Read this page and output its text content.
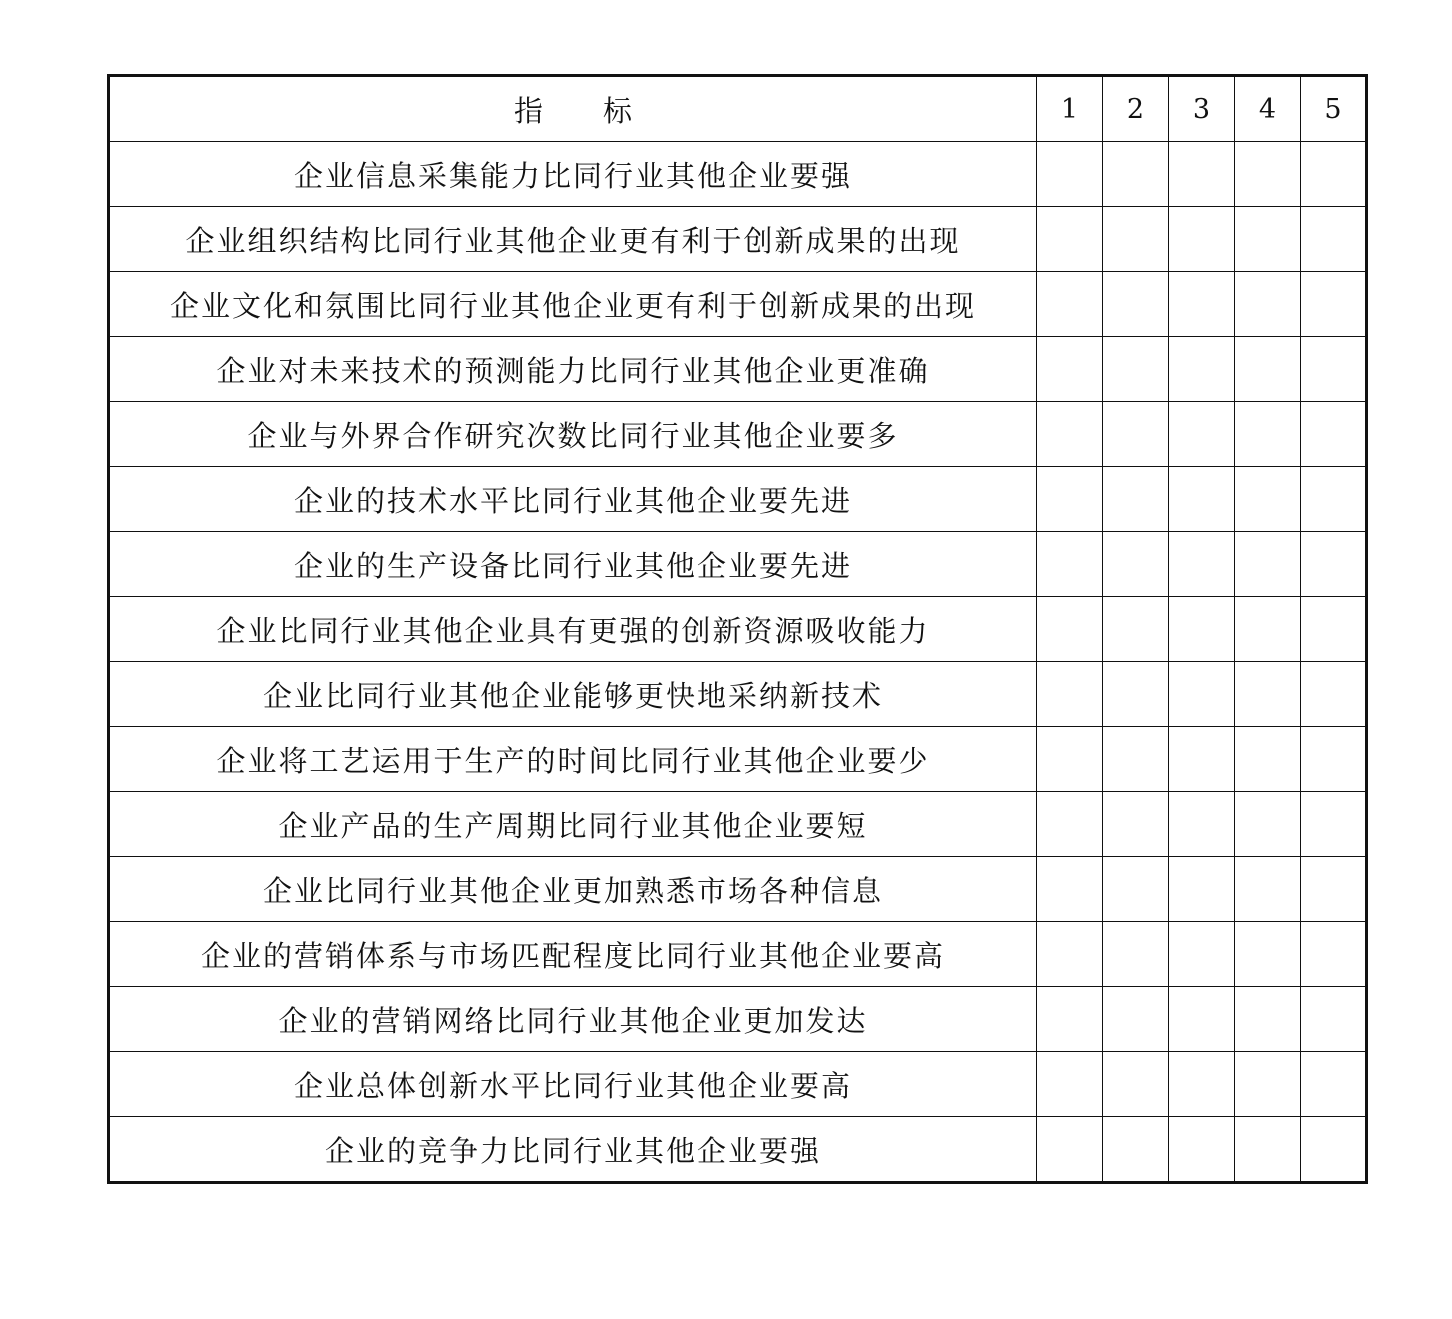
指标	1	2	3	4	5
企业信息采集能力比同行业其他企业要强					
企业组织结构比同行业其他企业更有利于创新成果的出现					
企业文化和氛围比同行业其他企业更有利于创新成果的出现					
企业对未来技术的预测能力比同行业其他企业更准确					
企业与外界合作研究次数比同行业其他企业要多					
企业的技术水平比同行业其他企业要先进					
企业的生产设备比同行业其他企业要先进					
企业比同行业其他企业具有更强的创新资源吸收能力					
企业比同行业其他企业能够更快地采纳新技术					
企业将工艺运用于生产的时间比同行业其他企业要少					
企业产品的生产周期比同行业其他企业要短					
企业比同行业其他企业更加熟悉市场各种信息					
企业的营销体系与市场匹配程度比同行业其他企业要高					
企业的营销网络比同行业其他企业更加发达					
企业总体创新水平比同行业其他企业要高					
企业的竞争力比同行业其他企业要强					
